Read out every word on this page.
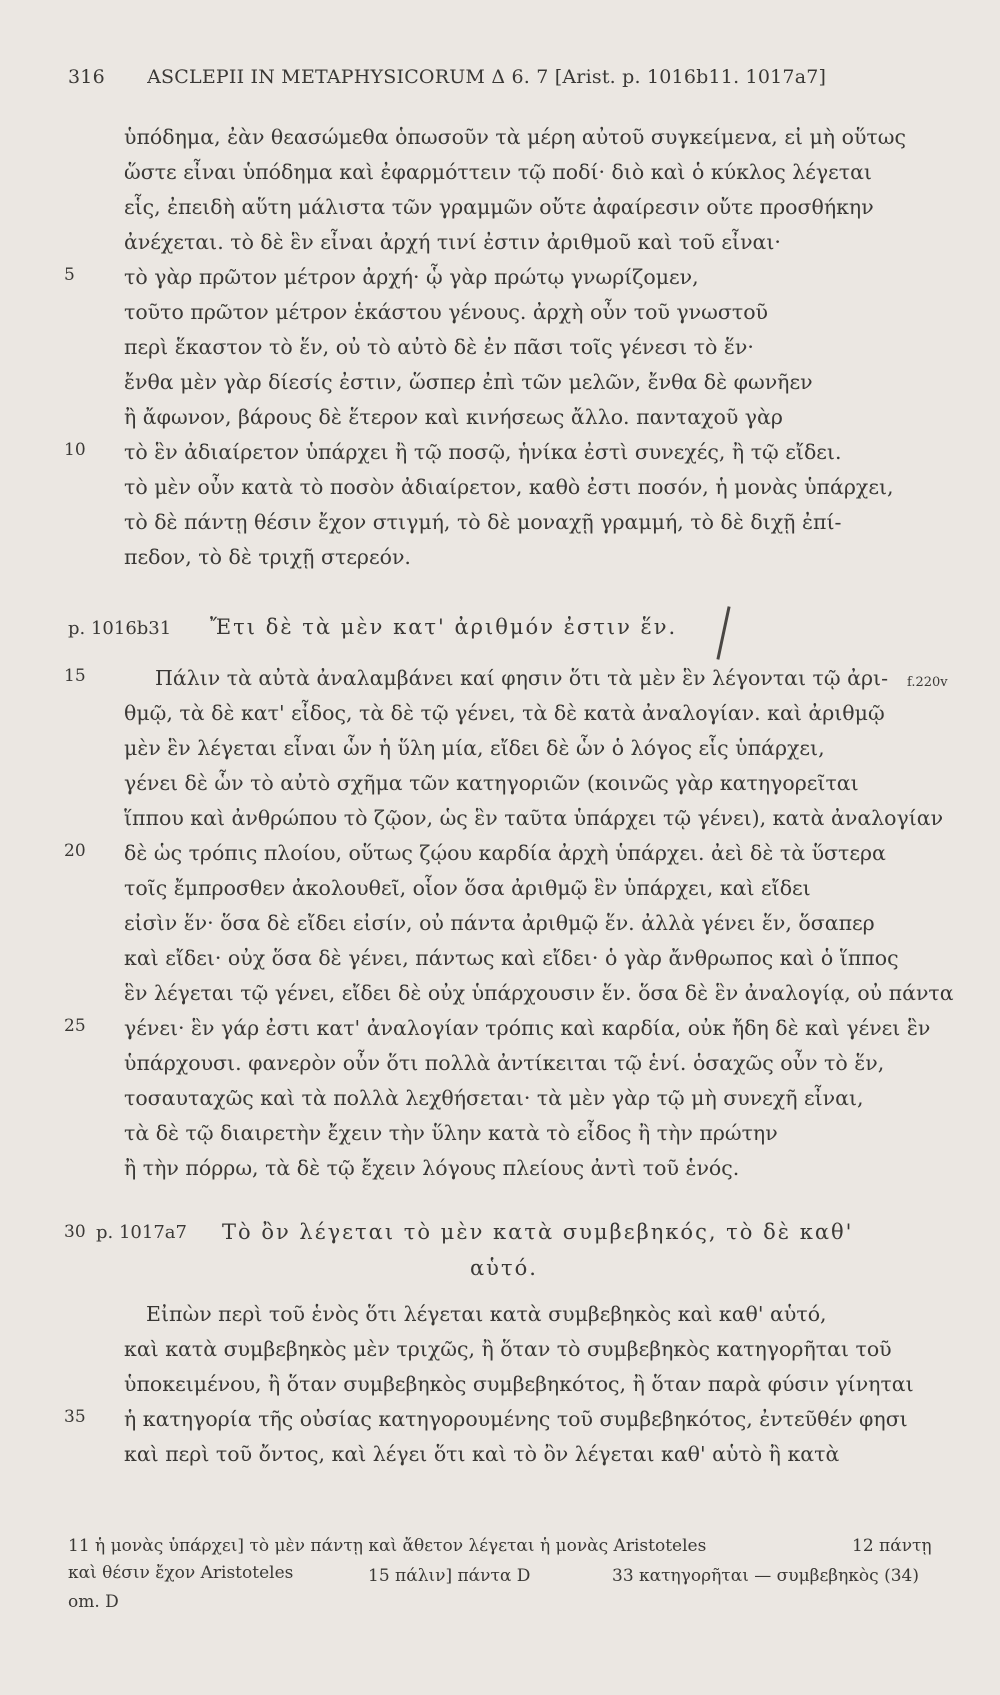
316 ASCLEPII IN METAPHYSICORUM Δ 6. 7 [Arist. p. 1016b11. 1017a7]
ὑπόδημα, ἐὰν θεασώμεθα ὁπωσοῦν τὰ μέρη αὐτοῦ συγκείμενα, εἰ μὴ οὕτως
ὥστε εἶναι ὑπόδημα καὶ ἐφαρμόττειν τῷ ποδί· διὸ καὶ ὁ κύκλος λέγεται
εἷς, ἐπειδὴ αὕτη μάλιστα τῶν γραμμῶν οὔτε ἀφαίρεσιν οὔτε προσθήκην
ἀνέχεται. τὸ δὲ ἓν εἶναι ἀρχή τινί ἐστιν ἀριθμοῦ καὶ τοῦ εἶναι·
5 τὸ γὰρ πρῶτον μέτρον ἀρχή· ᾧ γὰρ πρώτῳ γνωρίζομεν,
τοῦτο πρῶτον μέτρον ἑκάστου γένους. ἀρχὴ οὖν τοῦ γνωστοῦ
περὶ ἕκαστον τὸ ἕν, οὐ τὸ αὐτὸ δὲ ἐν πᾶσι τοῖς γένεσι τὸ ἕν·
ἔνθα μὲν γὰρ δίεσίς ἐστιν, ὥσπερ ἐπὶ τῶν μελῶν, ἔνθα δὲ φωνῆεν
ἢ ἄφωνον, βάρους δὲ ἕτερον καὶ κινήσεως ἄλλο. πανταχοῦ γὰρ
10 τὸ ἓν ἀδιαίρετον ὑπάρχει ἢ τῷ ποσῷ, ἡνίκα ἐστὶ συνεχές, ἢ τῷ εἴδει.
τὸ μὲν οὖν κατὰ τὸ ποσὸν ἀδιαίρετον, καθὸ ἐστι ποσόν, ἡ μονὰς ὑπάρχει,
τὸ δὲ πάντῃ θέσιν ἔχον στιγμή, τὸ δὲ μοναχῇ γραμμή, τὸ δὲ διχῇ ἐπί-
πεδον, τὸ δὲ τριχῇ στερεόν.
p. 1016b31 Ἔτι δὲ τὰ μὲν κατ' ἀριθμόν ἐστιν ἕν.
15	Πάλιν τὰ αὐτὰ ἀναλαμβάνει καί φησιν ὅτι τὰ μὲν ἓν λέγονται τῷ ἀρι-	f.220v
θμῷ, τὰ δὲ κατ' εἶδος, τὰ δὲ τῷ γένει, τὰ δὲ κατὰ ἀναλογίαν. καὶ ἀριθμῷ
μὲν ἓν λέγεται εἶναι ὧν ἡ ὕλη μία, εἴδει δὲ ὧν ὁ λόγος εἷς ὑπάρχει,
γένει δὲ ὧν τὸ αὐτὸ σχῆμα τῶν κατηγοριῶν (κοινῶς γὰρ κατηγορεῖται
ἵππου καὶ ἀνθρώπου τὸ ζῷον, ὡς ἓν ταῦτα ὑπάρχει τῷ γένει), κατὰ ἀναλογίαν
20 δὲ ὡς τρόπις πλοίου, οὕτως ζῴου καρδία ἀρχὴ ὑπάρχει. ἀεὶ δὲ τὰ ὕστερα
τοῖς ἔμπροσθεν ἀκολουθεῖ, οἷον ὅσα ἀριθμῷ ἓν ὑπάρχει, καὶ εἴδει
εἰσὶν ἕν· ὅσα δὲ εἴδει εἰσίν, οὐ πάντα ἀριθμῷ ἕν. ἀλλὰ γένει ἕν, ὅσαπερ
καὶ εἴδει· οὐχ ὅσα δὲ γένει, πάντως καὶ εἴδει· ὁ γὰρ ἄνθρωπος καὶ ὁ ἵππος
ἓν λέγεται τῷ γένει, εἴδει δὲ οὐχ ὑπάρχουσιν ἕν. ὅσα δὲ ἓν ἀναλογίᾳ, οὐ πάντα
25 γένει· ἓν γάρ ἐστι κατ' ἀναλογίαν τρόπις καὶ καρδία, οὐκ ἤδη δὲ καὶ γένει ἓν
ὑπάρχουσι. φανερὸν οὖν ὅτι πολλὰ ἀντίκειται τῷ ἑνί. ὁσαχῶς οὖν τὸ ἕν,
τοσαυταχῶς καὶ τὰ πολλὰ λεχθήσεται· τὰ μὲν γὰρ τῷ μὴ συνεχῆ εἶναι,
τὰ δὲ τῷ διαιρετὴν ἔχειν τὴν ὕλην κατὰ τὸ εἶδος ἢ τὴν πρώτην
ἢ τὴν πόρρω, τὰ δὲ τῷ ἔχειν λόγους πλείους ἀντὶ τοῦ ἑνός.
30 p. 1017a7 Τὸ ὂν λέγεται τὸ μὲν κατὰ συμβεβηκός, τὸ δὲ καθ'
αὑτό.
Εἰπὼν περὶ τοῦ ἑνὸς ὅτι λέγεται κατὰ συμβεβηκὸς καὶ καθ' αὑτό,
καὶ κατὰ συμβεβηκὸς μὲν τριχῶς, ἢ ὅταν τὸ συμβεβηκὸς κατηγορῆται τοῦ
ὑποκειμένου, ἢ ὅταν συμβεβηκὸς συμβεβηκότος, ἢ ὅταν παρὰ φύσιν γίνηται
35 ἡ κατηγορία τῆς οὐσίας κατηγορουμένης τοῦ συμβεβηκότος, ἐντεῦθέν φησι
καὶ περὶ τοῦ ὄντος, καὶ λέγει ὅτι καὶ τὸ ὂν λέγεται καθ' αὑτὸ ἢ κατὰ
11 ἡ μονὰς ὑπάρχει] τὸ μὲν πάντῃ καὶ ἄθετον λέγεται ἡ μονὰς Aristoteles	12 πάντῃ
καὶ θέσιν ἔχον Aristoteles	15 πάλιν] πάντα D	33 κατηγορῆται — συμβεβηκὸς (34)
om. D
